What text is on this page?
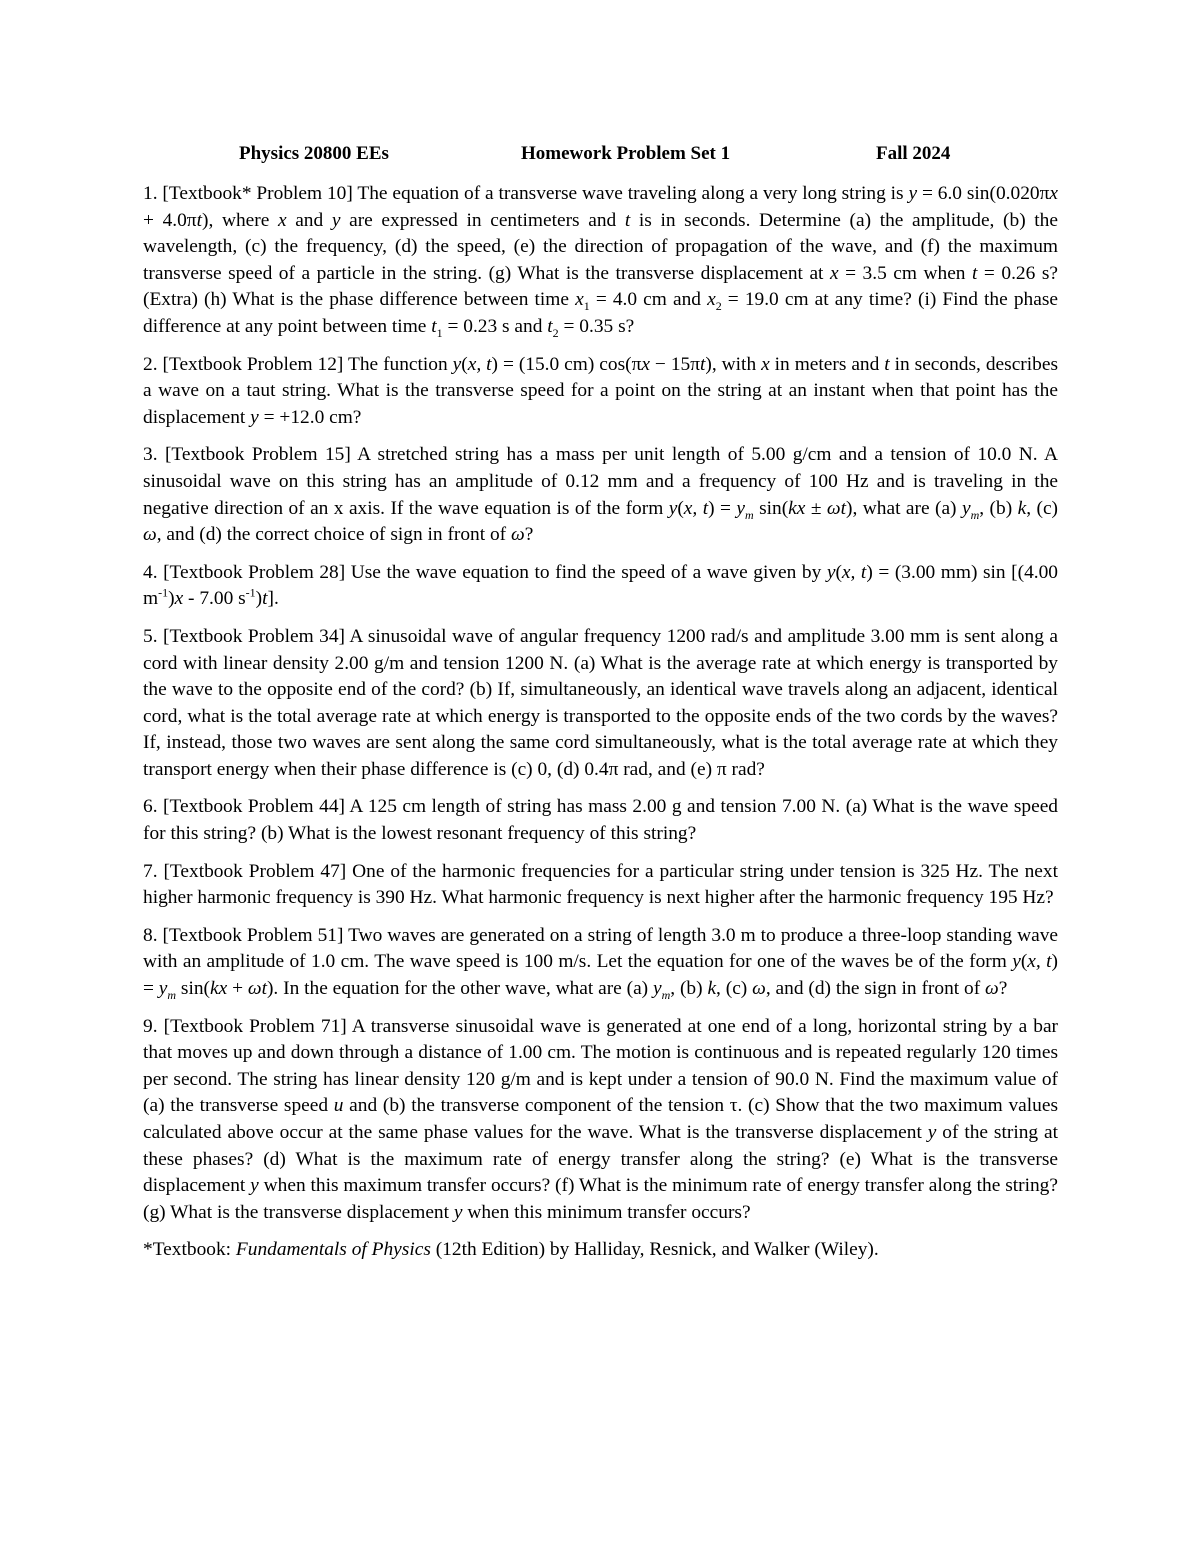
Physics 20800 EEs	Homework Problem Set 1	Fall 2024

1. [Textbook* Problem 10] The equation of a transverse wave traveling along a very long string is y = 6.0 sin(0.020πx + 4.0πt), where x and y are expressed in centimeters and t is in seconds. Determine (a) the amplitude, (b) the wavelength, (c) the frequency, (d) the speed, (e) the direction of propagation of the wave, and (f) the maximum transverse speed of a particle in the string. (g) What is the transverse displacement at x = 3.5 cm when t = 0.26 s? (Extra) (h) What is the phase difference between time $x_1 = 4.0$ cm and $x_2 = 19.0$ cm at any time? (i) Find the phase difference at any point between time $t_1 = 0.23$ s and $t_2 = 0.35$ s?

2. [Textbook Problem 12] The function y(x, t) = (15.0 cm) cos(πx − 15πt), with x in meters and t in seconds, describes a wave on a taut string. What is the transverse speed for a point on the string at an instant when that point has the displacement y = +12.0 cm?

3. [Textbook Problem 15] A stretched string has a mass per unit length of 5.00 g/cm and a tension of 10.0 N. A sinusoidal wave on this string has an amplitude of 0.12 mm and a frequency of 100 Hz and is traveling in the negative direction of an x axis. If the wave equation is of the form y(x, $t) = y_m$ sin(kx ± ωt), what are (a) $y_m$, (b) k, (c) ω, and (d) the correct choice of sign in front of ω?

4. [Textbook Problem 28] Use the wave equation to find the speed of a wave given by y(x, t) = (3.00 mm) sin [(4.00 $m^{-1})x - 7.00$ $s^{-1})t$].

5. [Textbook Problem 34] A sinusoidal wave of angular frequency 1200 rad/s and amplitude 3.00 mm is sent along a cord with linear density 2.00 g/m and tension 1200 N. (a) What is the average rate at which energy is transported by the wave to the opposite end of the cord? (b) If, simultaneously, an identical wave travels along an adjacent, identical cord, what is the total average rate at which energy is transported to the opposite ends of the two cords by the waves? If, instead, those two waves are sent along the same cord simultaneously, what is the total average rate at which they transport energy when their phase difference is (c) 0, (d) 0.4π rad, and (e) π rad?

6. [Textbook Problem 44] A 125 cm length of string has mass 2.00 g and tension 7.00 N. (a) What is the wave speed for this string? (b) What is the lowest resonant frequency of this string?

7. [Textbook Problem 47] One of the harmonic frequencies for a particular string under tension is 325 Hz. The next higher harmonic frequency is 390 Hz. What harmonic frequency is next higher after the harmonic frequency 195 Hz?

8. [Textbook Problem 51] Two waves are generated on a string of length 3.0 m to produce a three-loop standing wave with an amplitude of 1.0 cm. The wave speed is 100 m/s. Let the equation for one of the waves be of the form y(x, $t) = y_m$ sin(kx + ωt). In the equation for the other wave, what are (a) $y_m$, (b) k, (c) ω, and (d) the sign in front of ω?

9. [Textbook Problem 71] A transverse sinusoidal wave is generated at one end of a long, horizontal string by a bar that moves up and down through a distance of 1.00 cm. The motion is continuous and is repeated regularly 120 times per second. The string has linear density 120 g/m and is kept under a tension of 90.0 N. Find the maximum value of (a) the transverse speed u and (b) the transverse component of the tension τ. (c) Show that the two maximum values calculated above occur at the same phase values for the wave. What is the transverse displacement y of the string at these phases? (d) What is the maximum rate of energy transfer along the string? (e) What is the transverse displacement y when this maximum transfer occurs? (f) What is the minimum rate of energy transfer along the string? (g) What is the transverse displacement y when this minimum transfer occurs?

*Textbook: Fundamentals of Physics (12th Edition) by Halliday, Resnick, and Walker (Wiley).
